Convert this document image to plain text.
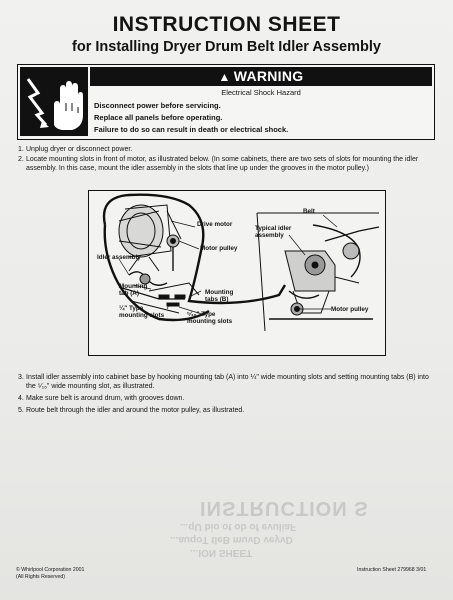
...ION SHEET
...auqoT tleB muvD veyvD
...qU bio ot ob of evuliaF
INSTRUCTION S
INSTRUCTION SHEET
for Installing Dryer Drum Belt Idler Assembly
▲ WARNING
Electrical Shock Hazard
Disconnect power before servicing.
Replace all panels before operating.
Failure to do so can result in death or electrical shock.
1. Unplug dryer or disconnect power.
2. Locate mounting slots in front of motor, as illustrated below. (In some cabinets, there are two sets of slots for mounting the idler assembly. In this case, mount the idler assembly in the slots that line up under the grooves in the motor pulley.)
Drive motor
Motor pulley
Idler assembly
Mounting tab (A)	Mounting tabs (B)
¼" Type mounting slots	⁵⁄₁₆" Type mounting slots
Belt
Typical idler assembly
Motor pulley
3. Install idler assembly into cabinet base by hooking mounting tab (A) into ¼" wide mounting slots and setting mounting tabs (B) into the ⁵⁄₁₆" wide mounting slot, as illustrated.
4. Make sure belt is around drum, with grooves down.
5. Route belt through the idler and around the motor pulley, as illustrated.
© Whirlpool Corporation 2001
(All Rights Reserved)
Instruction Sheet 279968 3/01
